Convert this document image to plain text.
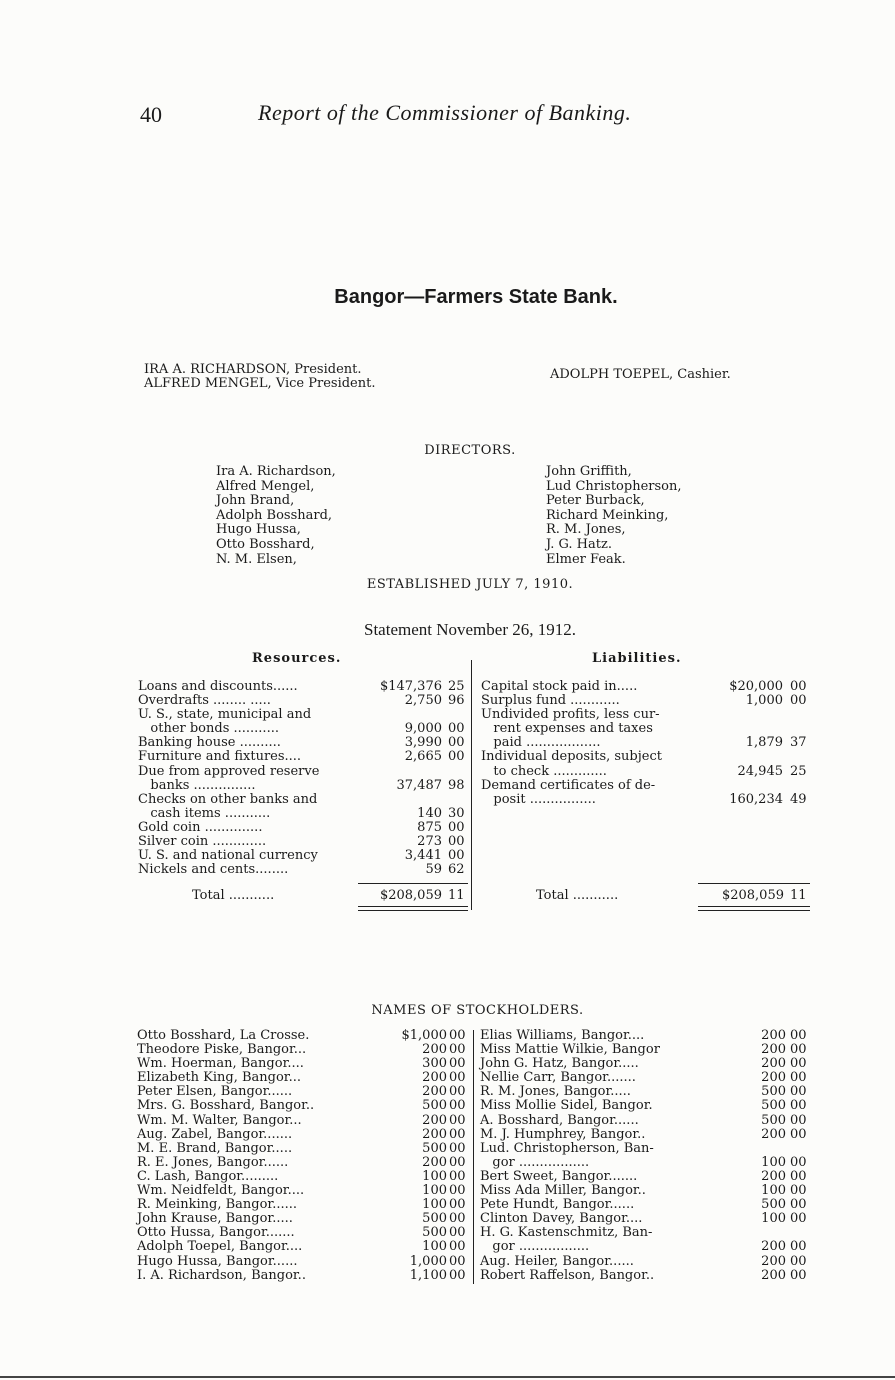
40	Report of the Commissioner of Banking.
Bangor—Farmers State Bank.
IRA A. RICHARDSON, President.
ALFRED MENGEL, Vice President.
ADOLPH TOEPEL, Cashier.
DIRECTORS.
Ira A. Richardson,
Alfred Mengel,
John Brand,
Adolph Bosshard,
Hugo Hussa,
Otto Bosshard,
N. M. Elsen,
John Griffith,
Lud Christopherson,
Peter Burback,
Richard Meinking,
R. M. Jones,
J. G. Hatz.
Elmer Feak.
ESTABLISHED JULY 7, 1910.
Statement November 26, 1912.
Resources.	Liabilities.
Loans and discounts......	$147,376 25
Overdrafts ........ .....	2,750 96
U. S., state, municipal and
other bonds ...........	9,000 00
Banking house ..........	3,990 00
Furniture and fixtures....	2,665 00
Due from approved reserve
banks ...............	37,487 98
Checks on other banks and
cash items ...........	140 30
Gold coin ..............	875 00
Silver coin .............	273 00
U. S. and national currency	3,441 00
Nickels and cents........	59 62
Capital stock paid in.....	$20,000 00
Surplus fund ............	1,000 00
Undivided profits, less cur-
rent expenses and taxes
paid ..................	1,879 37
Individual deposits, subject
to check .............	24,945 25
Demand certificates of de-
posit ................	160,234 49
Total ...........	$208,059 11	Total ...........	$208,059 11
NAMES OF STOCKHOLDERS.
Otto Bosshard, La Crosse.	$1,000 00
Theodore Piske, Bangor...	200 00
Wm. Hoerman, Bangor....	300 00
Elizabeth King, Bangor...	200 00
Peter Elsen, Bangor......	200 00
Mrs. G. Bosshard, Bangor..	500 00
Wm. M. Walter, Bangor...	200 00
Aug. Zabel, Bangor.......	200 00
M. E. Brand, Bangor.....	500 00
R. E. Jones, Bangor......	200 00
C. Lash, Bangor.........	100 00
Wm. Neidfeldt, Bangor....	100 00
R. Meinking, Bangor......	100 00
John Krause, Bangor.....	500 00
Otto Hussa, Bangor.......	500 00
Adolph Toepel, Bangor....	100 00
Hugo Hussa, Bangor......	1,000 00
I. A. Richardson, Bangor..	1,100 00
Elias Williams, Bangor....	200 00
Miss Mattie Wilkie, Bangor	200 00
John G. Hatz, Bangor.....	200 00
Nellie Carr, Bangor.......	200 00
R. M. Jones, Bangor.....	500 00
Miss Mollie Sidel, Bangor.	500 00
A. Bosshard, Bangor......	500 00
M. J. Humphrey, Bangor..	200 00
Lud. Christopherson, Ban-
gor .................	100 00
Bert Sweet, Bangor.......	200 00
Miss Ada Miller, Bangor..	100 00
Pete Hundt, Bangor......	500 00
Clinton Davey, Bangor....	100 00
H. G. Kastenschmitz, Ban-
gor .................	200 00
Aug. Heiler, Bangor......	200 00
Robert Raffelson, Bangor..	200 00
